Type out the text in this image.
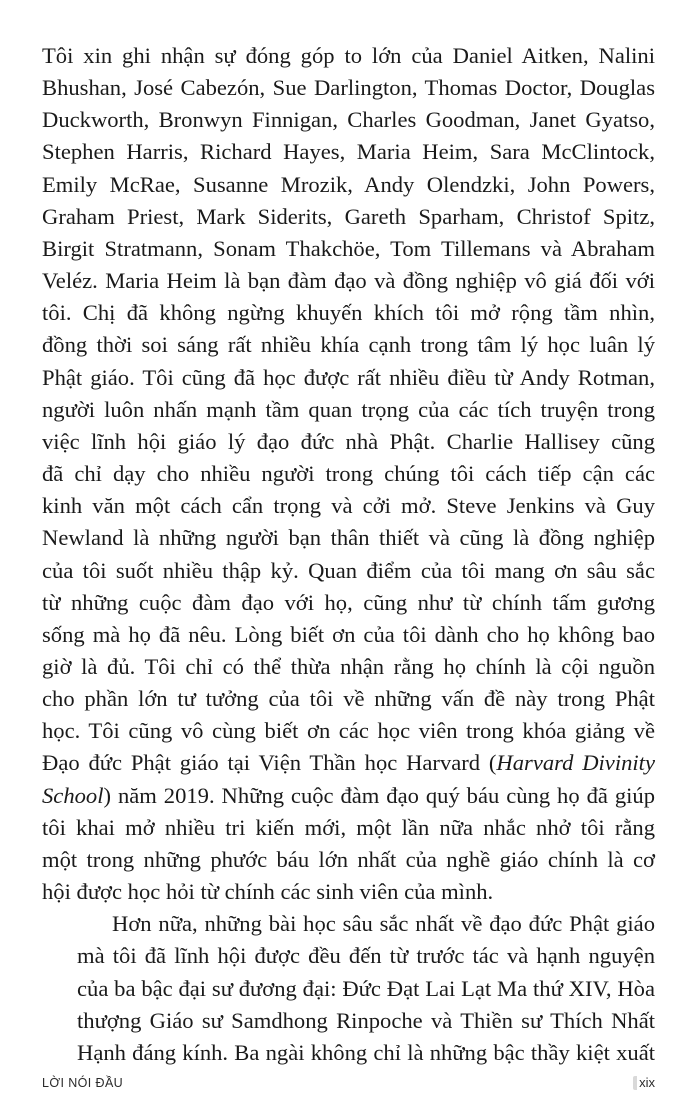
Tôi xin ghi nhận sự đóng góp to lớn của Daniel Aitken, Nalini
Bhushan, José Cabezón, Sue Darlington, Thomas Doctor, Douglas
Duckworth, Bronwyn Finnigan, Charles Goodman, Janet Gyatso,
Stephen Harris, Richard Hayes, Maria Heim, Sara McClintock,
Emily McRae, Susanne Mrozik, Andy Olendzki, John Powers,
Graham Priest, Mark Siderits, Gareth Sparham, Christof Spitz,
Birgit Stratmann, Sonam Thakchöe, Tom Tillemans và Abraham
Veléz. Maria Heim là bạn đàm đạo và đồng nghiệp vô giá đối với
tôi. Chị đã không ngừng khuyến khích tôi mở rộng tầm nhìn,
đồng thời soi sáng rất nhiều khía cạnh trong tâm lý học luân lý
Phật giáo. Tôi cũng đã học được rất nhiều điều từ Andy Rotman,
người luôn nhấn mạnh tầm quan trọng của các tích truyện trong
việc lĩnh hội giáo lý đạo đức nhà Phật. Charlie Hallisey cũng
đã chỉ dạy cho nhiều người trong chúng tôi cách tiếp cận các
kinh văn một cách cẩn trọng và cởi mở. Steve Jenkins và Guy
Newland là những người bạn thân thiết và cũng là đồng nghiệp
của tôi suốt nhiều thập kỷ. Quan điểm của tôi mang ơn sâu sắc
từ những cuộc đàm đạo với họ, cũng như từ chính tấm gương
sống mà họ đã nêu. Lòng biết ơn của tôi dành cho họ không bao
giờ là đủ. Tôi chỉ có thể thừa nhận rằng họ chính là cội nguồn
cho phần lớn tư tưởng của tôi về những vấn đề này trong Phật
học. Tôi cũng vô cùng biết ơn các học viên trong khóa giảng về
Đạo đức Phật giáo tại Viện Thần học Harvard (Harvard Divinity
School) năm 2019. Những cuộc đàm đạo quý báu cùng họ đã giúp
tôi khai mở nhiều tri kiến mới, một lần nữa nhắc nhở tôi rằng
một trong những phước báu lớn nhất của nghề giáo chính là cơ
hội được học hỏi từ chính các sinh viên của mình.
Hơn nữa, những bài học sâu sắc nhất về đạo đức Phật giáo
mà tôi đã lĩnh hội được đều đến từ trước tác và hạnh nguyện
của ba bậc đại sư đương đại: Đức Đạt Lai Lạt Ma thứ XIV, Hòa
thượng Giáo sư Samdhong Rinpoche và Thiền sư Thích Nhất
Hạnh đáng kính. Ba ngài không chỉ là những bậc thầy kiệt xuất
LỜI NÓI ĐẦU	xix
